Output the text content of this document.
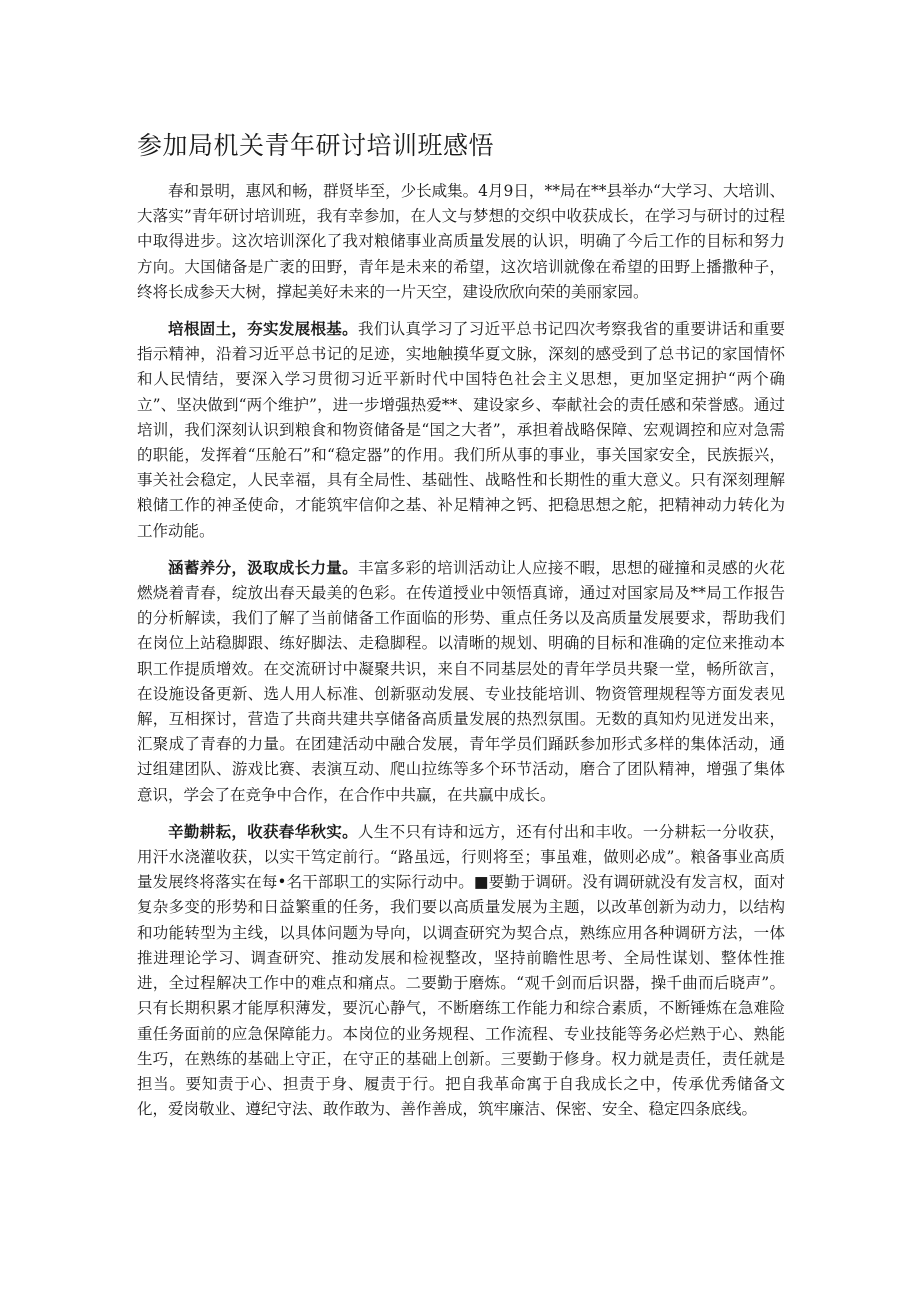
参加局机关青年研讨培训班感悟

春和景明，惠风和畅，群贤毕至，少长咸集。4月9日，**局在**县举办“大学习、大培训、大落实”青年研讨培训班，我有幸参加，在人文与梦想的交织中收获成长，在学习与研讨的过程中取得进步。这次培训深化了我对粮储事业高质量发展的认识，明确了今后工作的目标和努力方向。大国储备是广袤的田野，青年是未来的希望，这次培训就像在希望的田野上播撒种子，终将长成参天大树，撑起美好未来的一片天空，建设欣欣向荣的美丽家园。

培根固土，夯实发展根基。我们认真学习了习近平总书记四次考察我省的重要讲话和重要指示精神，沿着习近平总书记的足迹，实地触摸华夏文脉，深刻的感受到了总书记的家国情怀和人民情结，要深入学习贯彻习近平新时代中国特色社会主义思想，更加坚定拥护“两个确立”、坚决做到“两个维护”，进一步增强热爱**、建设家乡、奉献社会的责任感和荣誉感。通过培训，我们深刻认识到粮食和物资储备是“国之大者”，承担着战略保障、宏观调控和应对急需的职能，发挥着“压舱石”和“稳定器”的作用。我们所从事的事业，事关国家安全，民族振兴，事关社会稳定，人民幸福，具有全局性、基础性、战略性和长期性的重大意义。只有深刻理解粮储工作的神圣使命，才能筑牢信仰之基、补足精神之钙、把稳思想之舵，把精神动力转化为工作动能。

涵蓄养分，汲取成长力量。丰富多彩的培训活动让人应接不暇，思想的碰撞和灵感的火花燃烧着青春，绽放出春天最美的色彩。在传道授业中领悟真谛，通过对国家局及**局工作报告的分析解读，我们了解了当前储备工作面临的形势、重点任务以及高质量发展要求，帮助我们在岗位上站稳脚跟、练好脚法、走稳脚程。以清晰的规划、明确的目标和准确的定位来推动本职工作提质增效。在交流研讨中凝聚共识，来自不同基层处的青年学员共聚一堂，畅所欲言，在设施设备更新、选人用人标准、创新驱动发展、专业技能培训、物资管理规程等方面发表见解，互相探讨，营造了共商共建共享储备高质量发展的热烈氛围。无数的真知灼见迸发出来，汇聚成了青春的力量。在团建活动中融合发展，青年学员们踊跃参加形式多样的集体活动，通过组建团队、游戏比赛、表演互动、爬山拉练等多个环节活动，磨合了团队精神，增强了集体意识，学会了在竞争中合作，在合作中共赢，在共赢中成长。

辛勤耕耘，收获春华秋实。人生不只有诗和远方，还有付出和丰收。一分耕耘一分收获，用汗水浇灌收获，以实干笃定前行。“路虽远，行则将至；事虽难，做则必成”。粮备事业高质量发展终将落实在每•名干部职工的实际行动中。■要勤于调研。没有调研就没有发言权，面对复杂多变的形势和日益繁重的任务，我们要以高质量发展为主题，以改革创新为动力，以结构和功能转型为主线，以具体问题为导向，以调查研究为契合点，熟练应用各种调研方法，一体推进理论学习、调查研究、推动发展和检视整改，坚持前瞻性思考、全局性谋划、整体性推进，全过程解决工作中的难点和痛点。二要勤于磨炼。“观千剑而后识器，操千曲而后晓声”。只有长期积累才能厚积薄发，要沉心静气，不断磨练工作能力和综合素质，不断锤炼在急难险重任务面前的应急保障能力。本岗位的业务规程、工作流程、专业技能等务必烂熟于心、熟能生巧，在熟练的基础上守正，在守正的基础上创新。三要勤于修身。权力就是责任，责任就是担当。要知责于心、担责于身、履责于行。把自我革命寓于自我成长之中，传承优秀储备文化，爱岗敬业、遵纪守法、敢作敢为、善作善成，筑牢廉洁、保密、安全、稳定四条底线。
